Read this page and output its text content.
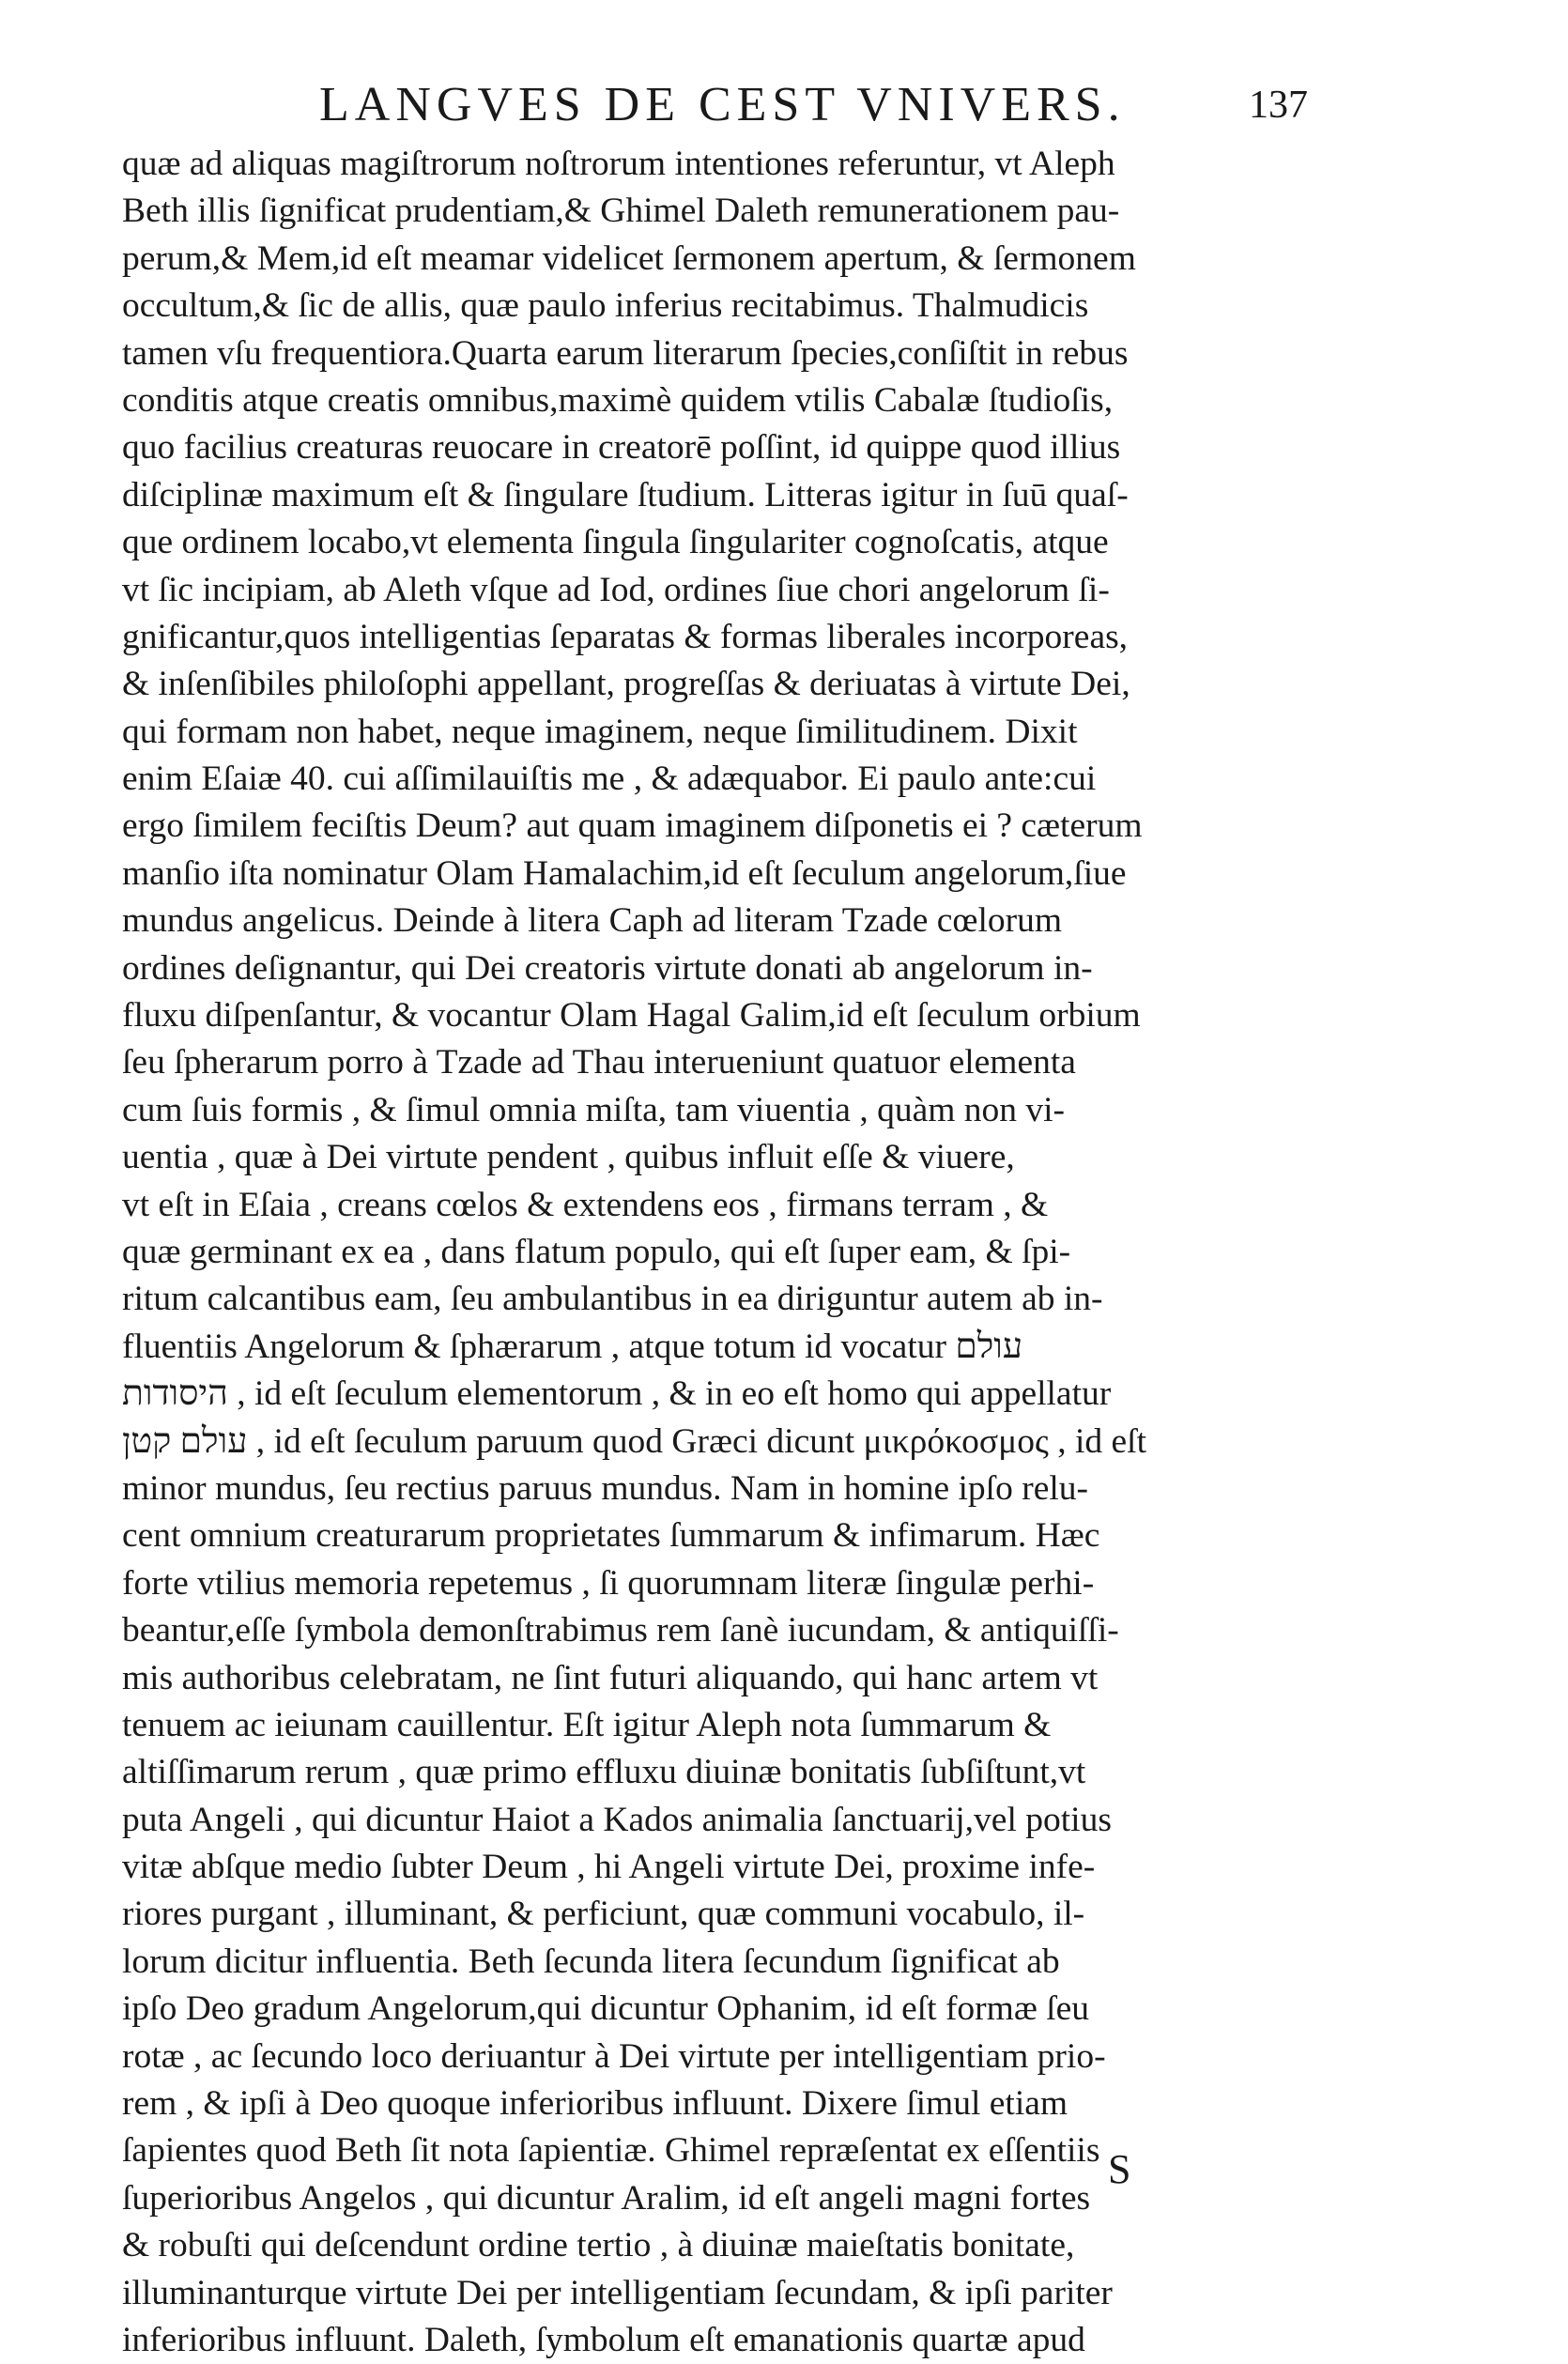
LANGVES DE CEST VNIVERS.	137
quæ ad aliquas magiſtrorum noſtrorum intentiones referuntur, vt Aleph
Beth illis ſignificat prudentiam,& Ghimel Daleth remunerationem pau-
perum,& Mem,id eſt meamar videlicet ſermonem apertum, & ſermonem
occultum,& ſic de allis, quæ paulo inferius recitabimus. Thalmudicis
tamen vſu frequentiora.Quarta earum literarum ſpecies,conſiſtit in rebus
conditis atque creatis omnibus,maximè quidem vtilis Cabalæ ſtudioſis,
quo facilius creaturas reuocare in creatorē poſſint, id quippe quod illius
diſciplinæ maximum eſt & ſingulare ſtudium. Litteras igitur in ſuū quaſ-
que ordinem locabo,vt elementa ſingula ſingulariter cognoſcatis, atque
vt ſic incipiam, ab Aleth vſque ad Iod, ordines ſiue chori angelorum ſi-
gnificantur,quos intelligentias ſeparatas & formas liberales incorporeas,
& inſenſibiles philoſophi appellant, progreſſas & deriuatas à virtute Dei,
qui formam non habet, neque imaginem, neque ſimilitudinem. Dixit
enim Eſaiæ 40. cui aſſimilauiſtis me , & adæquabor. Ei paulo ante:cui
ergo ſimilem feciſtis Deum? aut quam imaginem diſponetis ei ? cæterum
manſio iſta nominatur Olam Hamalachim,id eſt ſeculum angelorum,ſiue
mundus angelicus. Deinde à litera Caph ad literam Tzade cœlorum
ordines deſignantur, qui Dei creatoris virtute donati ab angelorum in-
fluxu diſpenſantur, & vocantur Olam Hagal Galim,id eſt ſeculum orbium
ſeu ſpherarum porro à Tzade ad Thau interueniunt quatuor elementa
cum ſuis formis , & ſimul omnia miſta, tam viuentia , quàm non vi-
uentia , quæ à Dei virtute pendent , quibus influit eſſe & viuere,
vt eſt in Eſaia , creans cœlos & extendens eos , firmans terram , &
quæ germinant ex ea , dans flatum populo, qui eſt ſuper eam, & ſpi-
ritum calcantibus eam, ſeu ambulantibus in ea diriguntur autem ab in-
fluentiis Angelorum & ſphærarum , atque totum id vocatur עולם
היסודות , id eſt ſeculum elementorum , & in eo eſt homo qui appellatur
עולם קטן , id eſt ſeculum paruum quod Græci dicunt μικρόκοσμος , id eſt
minor mundus, ſeu rectius paruus mundus. Nam in homine ipſo relu-
cent omnium creaturarum proprietates ſummarum & infimarum. Hæc
forte vtilius memoria repetemus , ſi quorumnam literæ ſingulæ perhi-
beantur,eſſe ſymbola demonſtrabimus rem ſanè iucundam, & antiquiſſi-
mis authoribus celebratam, ne ſint futuri aliquando, qui hanc artem vt
tenuem ac ieiunam cauillentur. Eſt igitur Aleph nota ſummarum &
altiſſimarum rerum , quæ primo effluxu diuinæ bonitatis ſubſiſtunt,vt
puta Angeli , qui dicuntur Haiot a Kados animalia ſanctuarij,vel potius
vitæ abſque medio ſubter Deum , hi Angeli virtute Dei, proxime infe-
riores purgant , illuminant, & perficiunt, quæ communi vocabulo, il-
lorum dicitur influentia. Beth ſecunda litera ſecundum ſignificat ab
ipſo Deo gradum Angelorum,qui dicuntur Ophanim, id eſt formæ ſeu
rotæ , ac ſecundo loco deriuantur à Dei virtute per intelligentiam prio-
rem , & ipſi à Deo quoque inferioribus influunt. Dixere ſimul etiam
ſapientes quod Beth ſit nota ſapientiæ. Ghimel repræſentat ex eſſentiis
ſuperioribus Angelos , qui dicuntur Aralim, id eſt angeli magni fortes
& robuſti qui deſcendunt ordine tertio , à diuinæ maieſtatis bonitate,
illuminanturque virtute Dei per intelligentiam ſecundam, & ipſi pariter
inferioribus influunt. Daleth, ſymbolum eſt emanationis quartæ apud
S
